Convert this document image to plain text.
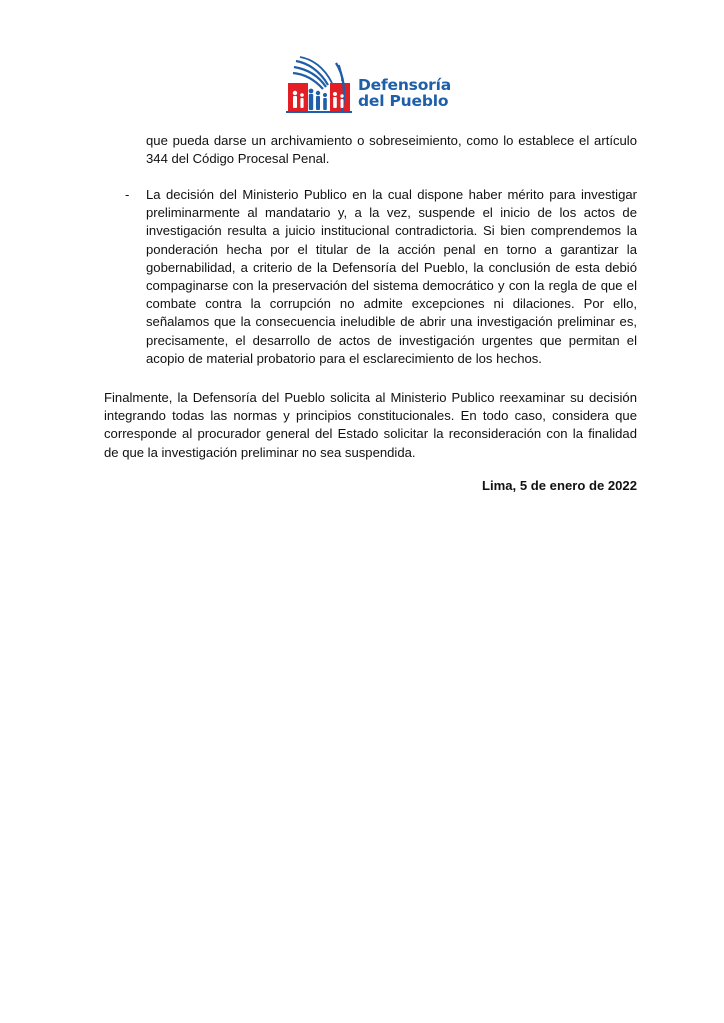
Defensoría
del Pueblo
que pueda darse un archivamiento o sobreseimiento, como lo establece el artículo 344 del Código Procesal Penal.
- La decisión del Ministerio Publico en la cual dispone haber mérito para investigar preliminarmente al mandatario y, a la vez, suspende el inicio de los actos de investigación resulta a juicio institucional contradictoria. Si bien comprendemos la ponderación hecha por el titular de la acción penal en torno a garantizar la gobernabilidad, a criterio de la Defensoría del Pueblo, la conclusión de esta debió compaginarse con la preservación del sistema democrático y con la regla de que el combate contra la corrupción no admite excepciones ni dilaciones. Por ello, señalamos que la consecuencia ineludible de abrir una investigación preliminar es, precisamente, el desarrollo de actos de investigación urgentes que permitan el acopio de material probatorio para el esclarecimiento de los hechos.
Finalmente, la Defensoría del Pueblo solicita al Ministerio Publico reexaminar su decisión integrando todas las normas y principios constitucionales. En todo caso, considera que corresponde al procurador general del Estado solicitar la reconsideración con la finalidad de que la investigación preliminar no sea suspendida.
Lima, 5 de enero de 2022
